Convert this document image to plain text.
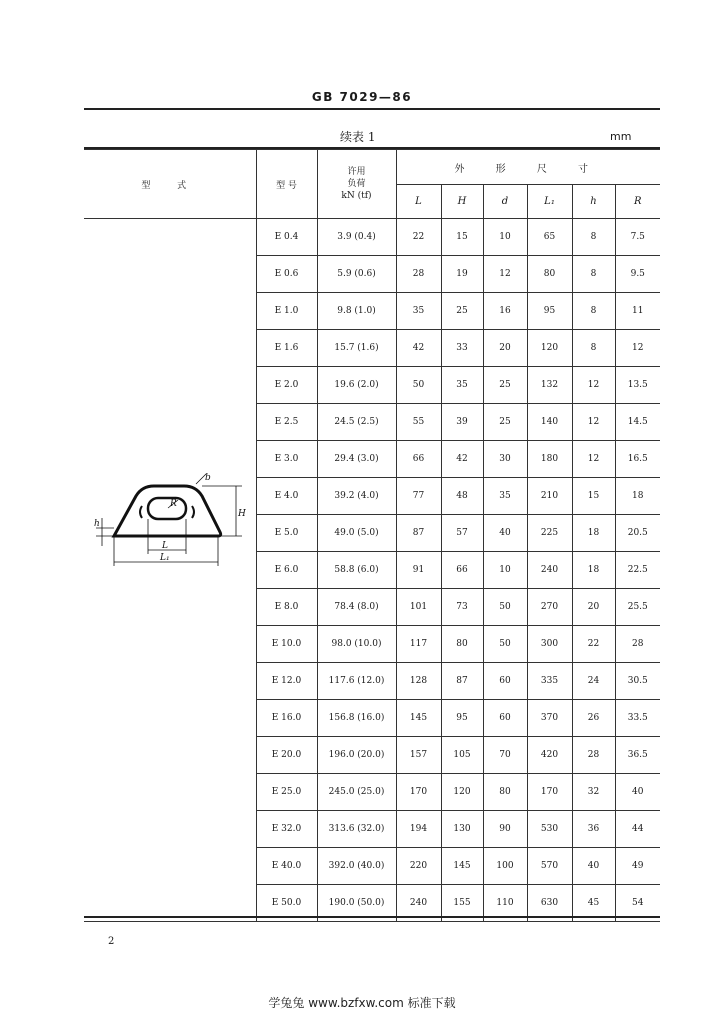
GB 7029—86
续表 1	mm
型 式	型 号	许用
负荷
kN (tf)	外 形 尺 寸					
			L	H	d	L₁	h	R
	E 0.4	3.9 (0.4)	22	15	10	65	8	7.5
	E 0.6	5.9 (0.6)	28	19	12	80	8	9.5
	E 1.0	9.8 (1.0)	35	25	16	95	8	11
	E 1.6	15.7 (1.6)	42	33	20	120	8	12
	E 2.0	19.6 (2.0)	50	35	25	132	12	13.5
	E 2.5	24.5 (2.5)	55	39	25	140	12	14.5
	E 3.0	29.4 (3.0)	66	42	30	180	12	16.5
	E 4.0	39.2 (4.0)	77	48	35	210	15	18
	E 5.0	49.0 (5.0)	87	57	40	225	18	20.5
	E 6.0	58.8 (6.0)	91	66	10	240	18	22.5
	E 8.0	78.4 (8.0)	101	73	50	270	20	25.5
	E 10.0	98.0 (10.0)	117	80	50	300	22	28
	E 12.0	117.6 (12.0)	128	87	60	335	24	30.5
	E 16.0	156.8 (16.0)	145	95	60	370	26	33.5
	E 20.0	196.0 (20.0)	157	105	70	420	28	36.5
	E 25.0	245.0 (25.0)	170	120	80	170	32	40
	E 32.0	313.6 (32.0)	194	130	90	530	36	44
	E 40.0	392.0 (40.0)	220	145	100	570	40	49
	E 50.0	190.0 (50.0)	240	155	110	630	45	54
R
b
h
H
L
L₁
2
学兔兔 www.bzfxw.com 标准下载
